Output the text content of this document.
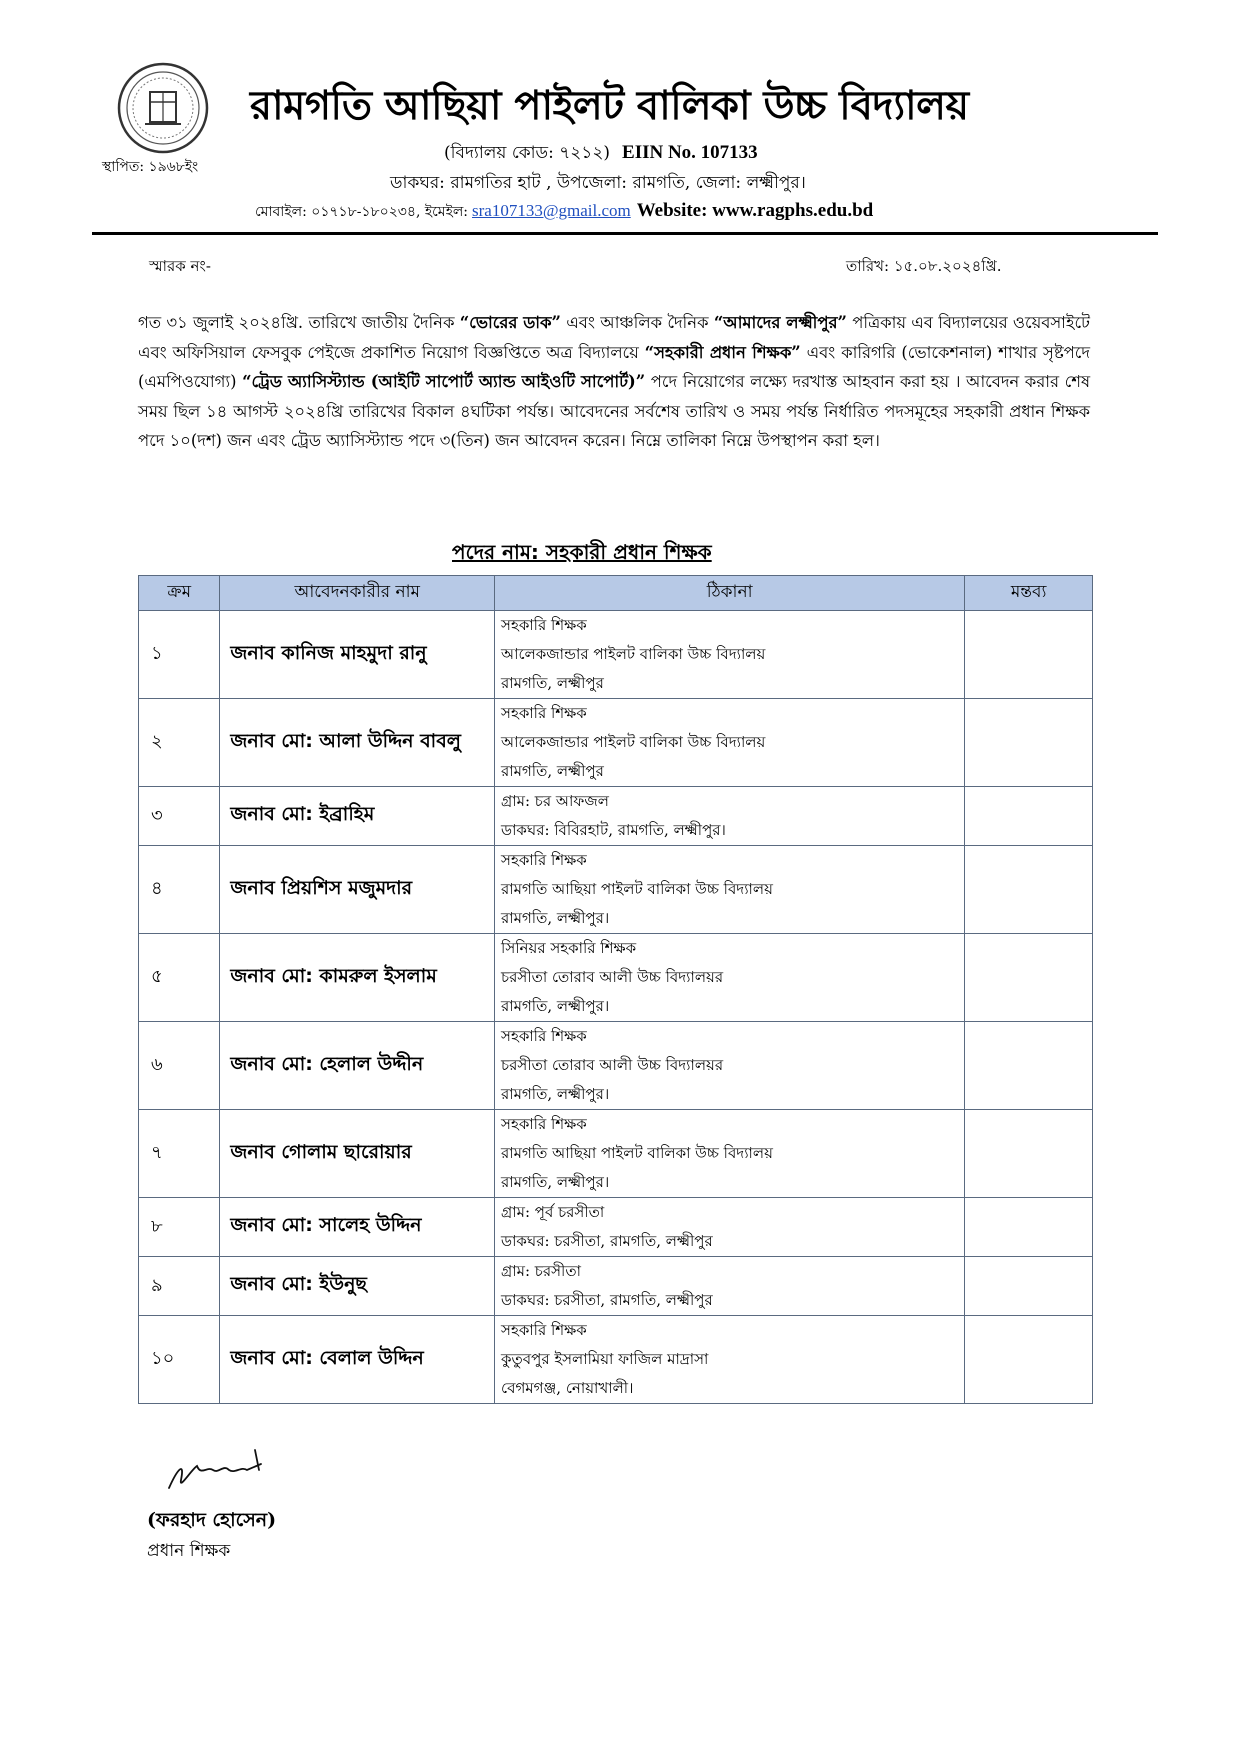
স্থাপিত: ১৯৬৮ইং
রামগতি আছিয়া পাইলট বালিকা উচ্চ বিদ্যালয়
(বিদ্যালয় কোড: ৭২১২) EIIN No. 107133
ডাকঘর: রামগতির হাট , উপজেলা: রামগতি, জেলা: লক্ষ্মীপুর।
মোবাইল: ০১৭১৮-১৮০২৩৪, ইমেইল: sra107133@gmail.com Website: www.ragphs.edu.bd
স্মারক নং-	তারিখ: ১৫.০৮.২০২৪খ্রি.
গত ৩১ জুলাই ২০২৪খ্রি. তারিখে জাতীয় দৈনিক “ভোরের ডাক” এবং আঞ্চলিক দৈনিক “আমাদের লক্ষ্মীপুর” পত্রিকায় এব বিদ্যালয়ের ওয়েবসাইটে এবং অফিসিয়াল ফেসবুক পেইজে প্রকাশিত নিয়োগ বিজ্ঞপ্তিতে অত্র বিদ্যালয়ে “সহকারী প্রধান শিক্ষক” এবং কারিগরি (ভোকেশনাল) শাখার সৃষ্টপদে (এমপিওযোগ্য) “ট্রেড অ্যাসিস্ট্যান্ড (আইটি সাপোর্ট অ্যান্ড আইওটি সাপোর্ট)” পদে নিয়োগের লক্ষ্যে দরখাস্ত আহবান করা হয় । আবেদন করার শেষ সময় ছিল ১৪ আগস্ট ২০২৪খ্রি তারিখের বিকাল ৪ঘটিকা পর্যন্ত। আবেদনের সর্বশেষ তারিখ ও সময় পর্যন্ত নির্ধারিত পদসমূহের সহকারী প্রধান শিক্ষক পদে ১০(দশ) জন এবং ট্রেড অ্যাসিস্ট্যান্ড পদে ৩(তিন) জন আবেদন করেন। নিম্নে তালিকা নিম্নে উপস্থাপন করা হল।
পদের নাম: সহকারী প্রধান শিক্ষক
ক্রম	আবেদনকারীর নাম	ঠিকানা	মন্তব্য
১	জনাব কানিজ মাহমুদা রানু	সহকারি শিক্ষক
আলেকজান্ডার পাইলট বালিকা উচ্চ বিদ্যালয়
রামগতি, লক্ষ্মীপুর	

২	জনাব মো: আলা উদ্দিন বাবলু	সহকারি শিক্ষক
আলেকজান্ডার পাইলট বালিকা উচ্চ বিদ্যালয়
রামগতি, লক্ষ্মীপুর	

৩	জনাব মো: ইব্রাহিম	গ্রাম: চর আফজল
ডাকঘর: বিবিরহাট, রামগতি, লক্ষ্মীপুর।	

৪	জনাব প্রিয়শিস মজুমদার	সহকারি শিক্ষক
রামগতি আছিয়া পাইলট বালিকা উচ্চ বিদ্যালয়
রামগতি, লক্ষ্মীপুর।	

৫	জনাব মো: কামরুল ইসলাম	সিনিয়র সহকারি শিক্ষক
চরসীতা তোরাব আলী উচ্চ বিদ্যালয়র
রামগতি, লক্ষ্মীপুর।	

৬	জনাব মো: হেলাল উদ্দীন	সহকারি শিক্ষক
চরসীতা তোরাব আলী উচ্চ বিদ্যালয়র
রামগতি, লক্ষ্মীপুর।	

৭	জনাব গোলাম ছারোয়ার	সহকারি শিক্ষক
রামগতি আছিয়া পাইলট বালিকা উচ্চ বিদ্যালয়
রামগতি, লক্ষ্মীপুর।	

৮	জনাব মো: সালেহ উদ্দিন	গ্রাম: পূর্ব চরসীতা
ডাকঘর: চরসীতা, রামগতি, লক্ষ্মীপুর	

৯	জনাব মো: ইউনুছ	গ্রাম: চরসীতা
ডাকঘর: চরসীতা, রামগতি, লক্ষ্মীপুর	

১০	জনাব মো: বেলাল উদ্দিন	সহকারি শিক্ষক
কুতুবপুর ইসলামিয়া ফাজিল মাদ্রাসা
বেগমগঞ্জ, নোয়াখালী।	

(ফরহাদ হোসেন)
প্রধান শিক্ষক
